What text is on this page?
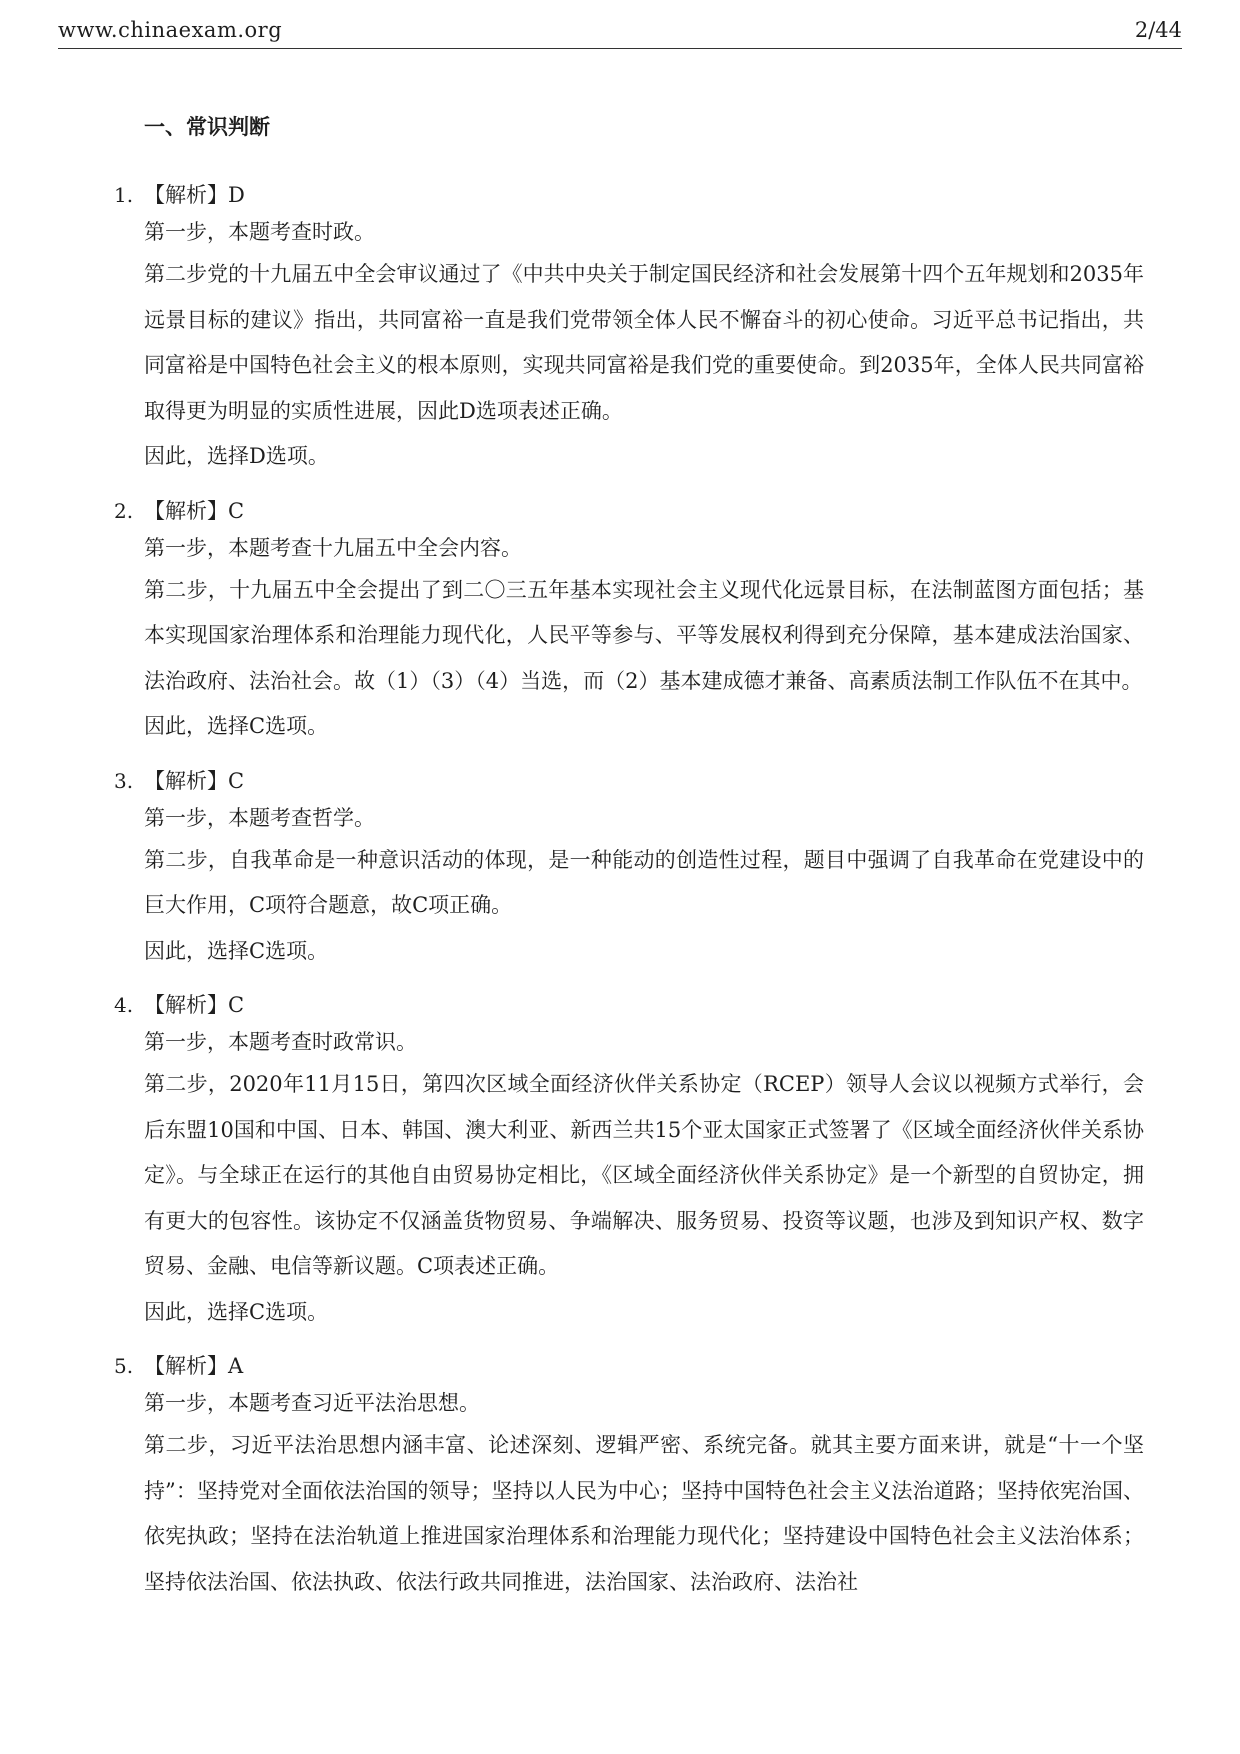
www.chinaexam.org	2/44
一、常识判断
1. 【解析】D

第一步，本题考查时政。

第二步党的十九届五中全会审议通过了《中共中央关于制定国民经济和社会发展第十四个五年规划和2035年远景目标的建议》指出，共同富裕一直是我们党带领全体人民不懈奋斗的初心使命。习近平总书记指出，共同富裕是中国特色社会主义的根本原则，实现共同富裕是我们党的重要使命。到2035年，全体人民共同富裕取得更为明显的实质性进展，因此D选项表述正确。

因此，选择D选项。

2. 【解析】C

第一步，本题考查十九届五中全会内容。

第二步，十九届五中全会提出了到二〇三五年基本实现社会主义现代化远景目标，在法制蓝图方面包括；基本实现国家治理体系和治理能力现代化，人民平等参与、平等发展权利得到充分保障，基本建成法治国家、法治政府、法治社会。故（1）（3）（4）当选，而（2）基本建成德才兼备、高素质法制工作队伍不在其中。

因此，选择C选项。

3. 【解析】C

第一步，本题考查哲学。

第二步，自我革命是一种意识活动的体现，是一种能动的创造性过程，题目中强调了自我革命在党建设中的巨大作用，C项符合题意，故C项正确。

因此，选择C选项。

4. 【解析】C

第一步，本题考查时政常识。

第二步，2020年11月15日，第四次区域全面经济伙伴关系协定（RCEP）领导人会议以视频方式举行，会后东盟10国和中国、日本、韩国、澳大利亚、新西兰共15个亚太国家正式签署了《区域全面经济伙伴关系协定》。与全球正在运行的其他自由贸易协定相比，《区域全面经济伙伴关系协定》是一个新型的自贸协定，拥有更大的包容性。该协定不仅涵盖货物贸易、争端解决、服务贸易、投资等议题，也涉及到知识产权、数字贸易、金融、电信等新议题。C项表述正确。

因此，选择C选项。

5. 【解析】A

第一步，本题考查习近平法治思想。

第二步，习近平法治思想内涵丰富、论述深刻、逻辑严密、系统完备。就其主要方面来讲，就是“十一个坚持”：坚持党对全面依法治国的领导；坚持以人民为中心；坚持中国特色社会主义法治道路；坚持依宪治国、依宪执政；坚持在法治轨道上推进国家治理体系和治理能力现代化；坚持建设中国特色社会主义法治体系；坚持依法治国、依法执政、依法行政共同推进，法治国家、法治政府、法治社
